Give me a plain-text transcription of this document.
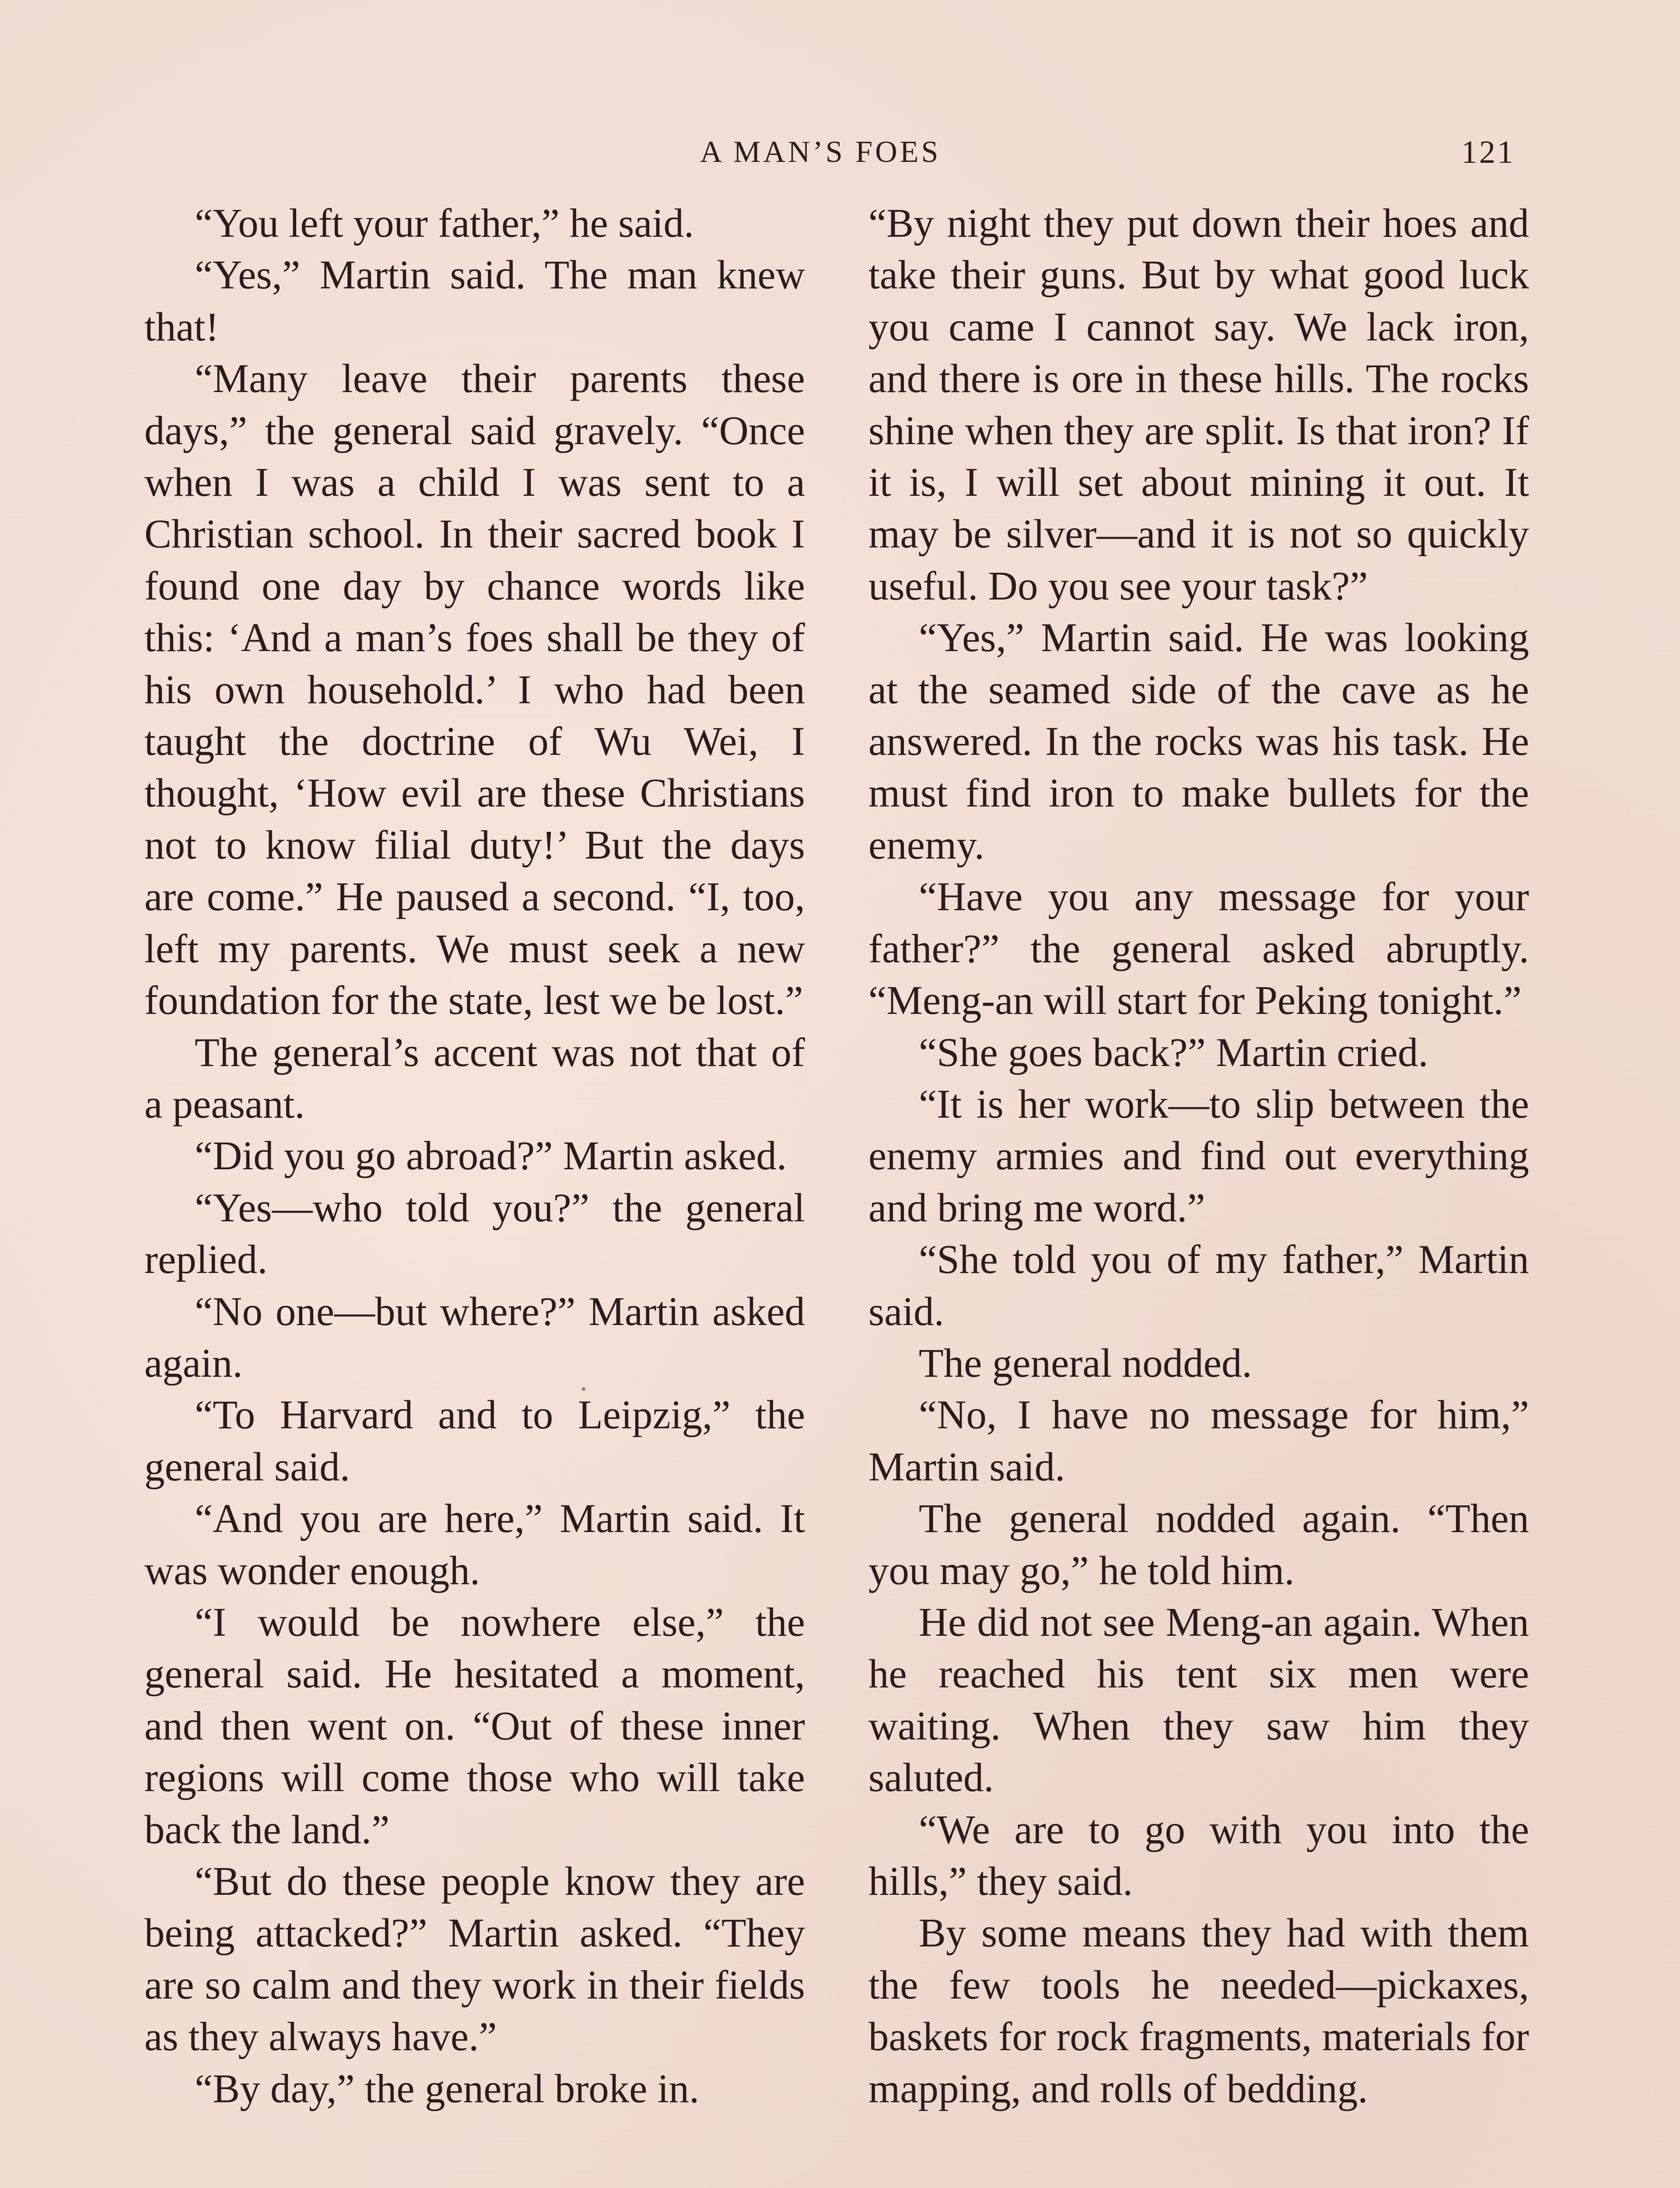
A MAN’S FOES	121

“You left your father,” he said.

“Yes,” Martin said. The man knew that!

“Many leave their parents these days,” the general said gravely. “Once when I was a child I was sent to a Christian school. In their sacred book I found one day by chance words like this: ‘And a man’s foes shall be they of his own household.’ I who had been taught the doctrine of Wu Wei, I thought, ‘How evil are these Christians not to know filial duty!’ But the days are come.” He paused a second. “I, too, left my parents. We must seek a new foundation for the state, lest we be lost.”

The general’s accent was not that of a peasant.

“Did you go abroad?” Martin asked.

“Yes—who told you?” the general replied.

“No one—but where?” Martin asked again.

“To Harvard and to Leipzig,” the general said.

“And you are here,” Martin said. It was wonder enough.

“I would be nowhere else,” the general said. He hesitated a moment, and then went on. “Out of these inner regions will come those who will take back the land.”

“But do these people know they are being attacked?” Martin asked. “They are so calm and they work in their fields as they always have.”

“By day,” the general broke in.

“By night they put down their hoes and take their guns. But by what good luck you came I cannot say. We lack iron, and there is ore in these hills. The rocks shine when they are split. Is that iron? If it is, I will set about mining it out. It may be silver—and it is not so quickly useful. Do you see your task?”

“Yes,” Martin said. He was looking at the seamed side of the cave as he answered. In the rocks was his task. He must find iron to make bullets for the enemy.

“Have you any message for your father?” the general asked abruptly. “Meng-an will start for Peking tonight.”

“She goes back?” Martin cried.

“It is her work—to slip between the enemy armies and find out everything and bring me word.”

“She told you of my father,” Martin said.

The general nodded.

“No, I have no message for him,” Martin said.

The general nodded again. “Then you may go,” he told him.

He did not see Meng-an again. When he reached his tent six men were waiting. When they saw him they saluted.

“We are to go with you into the hills,” they said.

By some means they had with them the few tools he needed—pickaxes, baskets for rock fragments, materials for mapping, and rolls of bedding.
